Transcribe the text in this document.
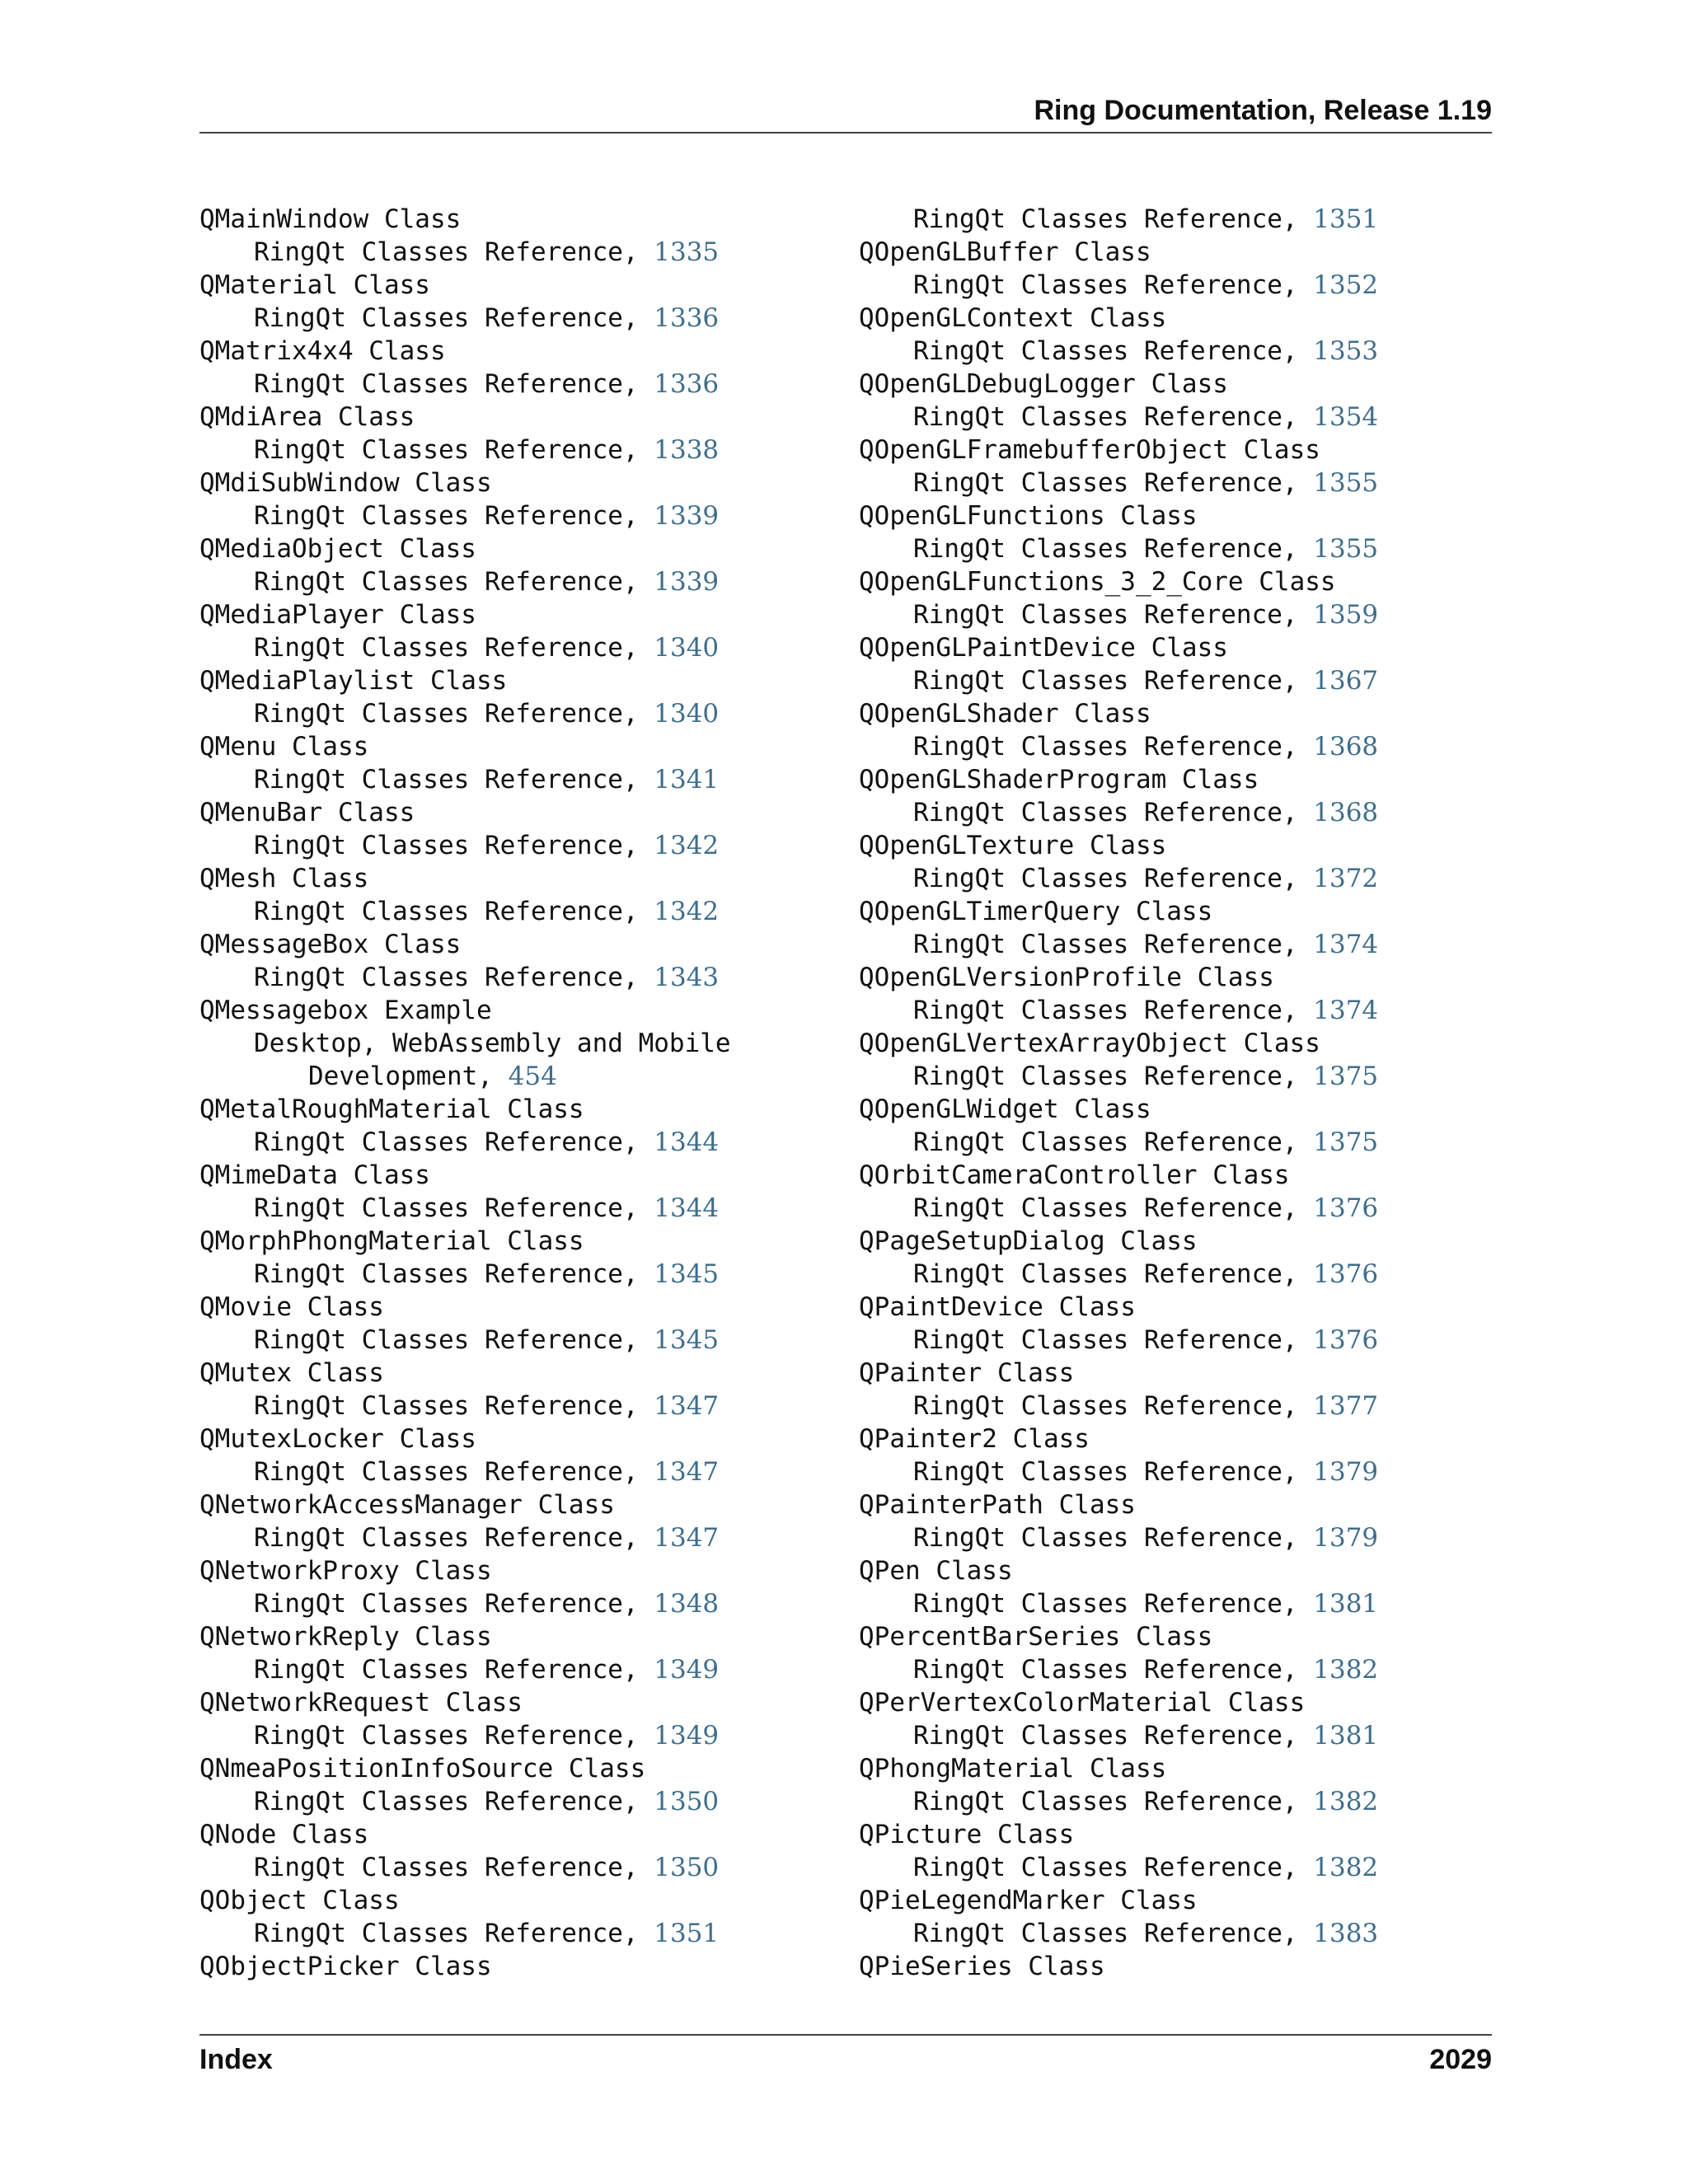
Ring Documentation, Release 1.19
QMainWindow Class
RingQt Classes Reference, 1335
QMaterial Class
RingQt Classes Reference, 1336
QMatrix4x4 Class
RingQt Classes Reference, 1336
QMdiArea Class
RingQt Classes Reference, 1338
QMdiSubWindow Class
RingQt Classes Reference, 1339
QMediaObject Class
RingQt Classes Reference, 1339
QMediaPlayer Class
RingQt Classes Reference, 1340
QMediaPlaylist Class
RingQt Classes Reference, 1340
QMenu Class
RingQt Classes Reference, 1341
QMenuBar Class
RingQt Classes Reference, 1342
QMesh Class
RingQt Classes Reference, 1342
QMessageBox Class
RingQt Classes Reference, 1343
QMessagebox Example
Desktop, WebAssembly and Mobile
Development, 454
QMetalRoughMaterial Class
RingQt Classes Reference, 1344
QMimeData Class
RingQt Classes Reference, 1344
QMorphPhongMaterial Class
RingQt Classes Reference, 1345
QMovie Class
RingQt Classes Reference, 1345
QMutex Class
RingQt Classes Reference, 1347
QMutexLocker Class
RingQt Classes Reference, 1347
QNetworkAccessManager Class
RingQt Classes Reference, 1347
QNetworkProxy Class
RingQt Classes Reference, 1348
QNetworkReply Class
RingQt Classes Reference, 1349
QNetworkRequest Class
RingQt Classes Reference, 1349
QNmeaPositionInfoSource Class
RingQt Classes Reference, 1350
QNode Class
RingQt Classes Reference, 1350
QObject Class
RingQt Classes Reference, 1351
QObjectPicker Class
RingQt Classes Reference, 1351
QOpenGLBuffer Class
RingQt Classes Reference, 1352
QOpenGLContext Class
RingQt Classes Reference, 1353
QOpenGLDebugLogger Class
RingQt Classes Reference, 1354
QOpenGLFramebufferObject Class
RingQt Classes Reference, 1355
QOpenGLFunctions Class
RingQt Classes Reference, 1355
QOpenGLFunctions_3_2_Core Class
RingQt Classes Reference, 1359
QOpenGLPaintDevice Class
RingQt Classes Reference, 1367
QOpenGLShader Class
RingQt Classes Reference, 1368
QOpenGLShaderProgram Class
RingQt Classes Reference, 1368
QOpenGLTexture Class
RingQt Classes Reference, 1372
QOpenGLTimerQuery Class
RingQt Classes Reference, 1374
QOpenGLVersionProfile Class
RingQt Classes Reference, 1374
QOpenGLVertexArrayObject Class
RingQt Classes Reference, 1375
QOpenGLWidget Class
RingQt Classes Reference, 1375
QOrbitCameraController Class
RingQt Classes Reference, 1376
QPageSetupDialog Class
RingQt Classes Reference, 1376
QPaintDevice Class
RingQt Classes Reference, 1376
QPainter Class
RingQt Classes Reference, 1377
QPainter2 Class
RingQt Classes Reference, 1379
QPainterPath Class
RingQt Classes Reference, 1379
QPen Class
RingQt Classes Reference, 1381
QPercentBarSeries Class
RingQt Classes Reference, 1382
QPerVertexColorMaterial Class
RingQt Classes Reference, 1381
QPhongMaterial Class
RingQt Classes Reference, 1382
QPicture Class
RingQt Classes Reference, 1382
QPieLegendMarker Class
RingQt Classes Reference, 1383
QPieSeries Class
Index	2029
